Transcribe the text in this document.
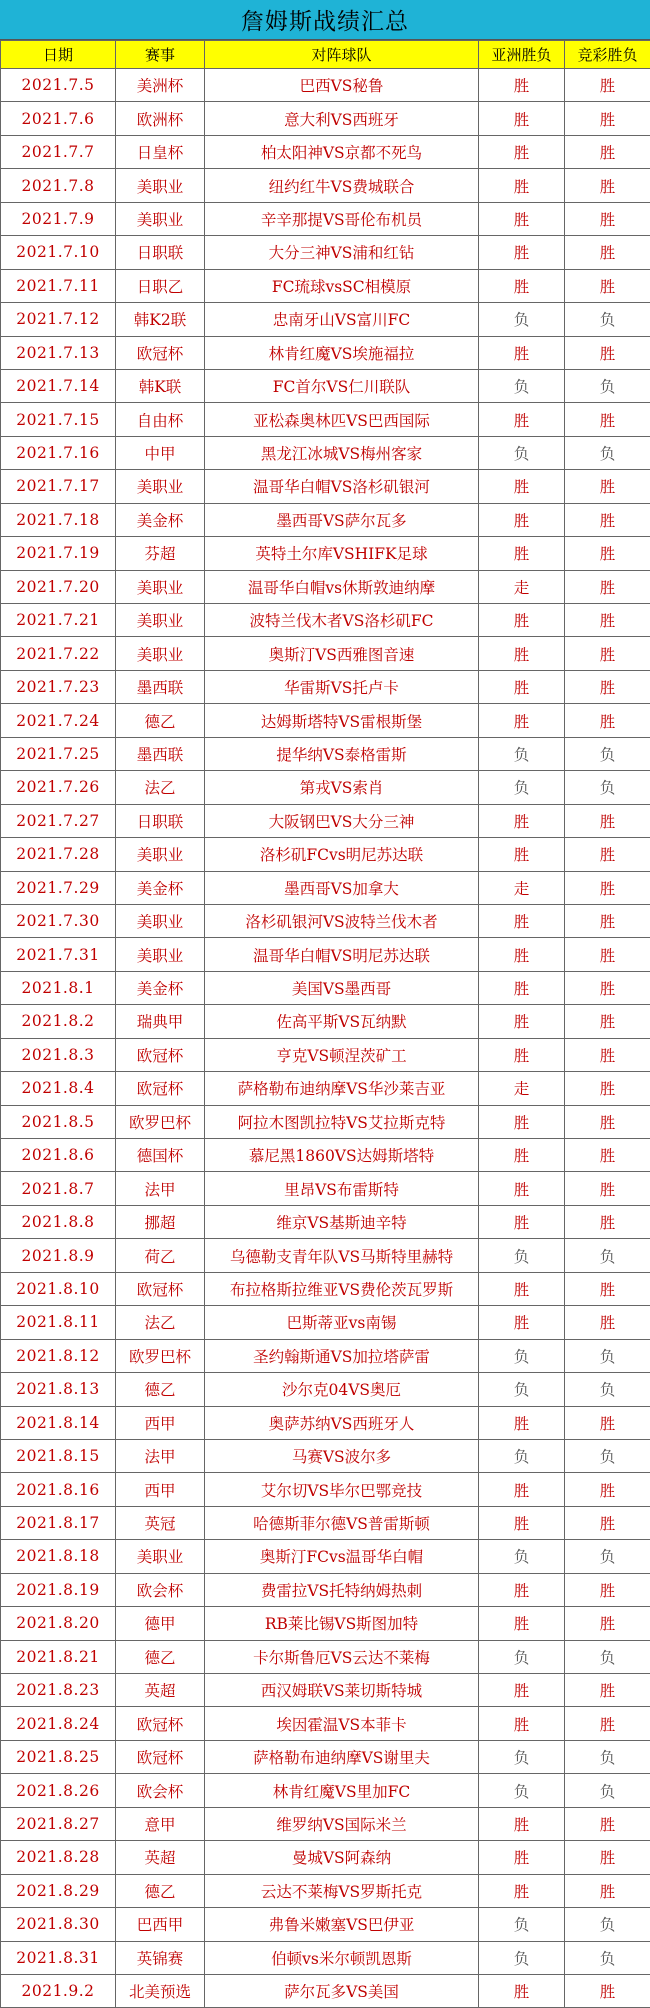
詹姆斯战绩汇总
日期	赛事	对阵球队	亚洲胜负	竞彩胜负
2021.7.5	美洲杯	巴西VS秘鲁	胜	胜
2021.7.6	欧洲杯	意大利VS西班牙	胜	胜
2021.7.7	日皇杯	柏太阳神VS京都不死鸟	胜	胜
2021.7.8	美职业	纽约红牛VS费城联合	胜	胜
2021.7.9	美职业	辛辛那提VS哥伦布机员	胜	胜
2021.7.10	日职联	大分三神VS浦和红钻	胜	胜
2021.7.11	日职乙	FC琉球vsSC相模原	胜	胜
2021.7.12	韩K2联	忠南牙山VS富川FC	负	负
2021.7.13	欧冠杯	林肯红魔VS埃施福拉	胜	胜
2021.7.14	韩K联	FC首尔VS仁川联队	负	负
2021.7.15	自由杯	亚松森奥林匹VS巴西国际	胜	胜
2021.7.16	中甲	黑龙江冰城VS梅州客家	负	负
2021.7.17	美职业	温哥华白帽VS洛杉矶银河	胜	胜
2021.7.18	美金杯	墨西哥VS萨尔瓦多	胜	胜
2021.7.19	芬超	英特土尔库VSHIFK足球	胜	胜
2021.7.20	美职业	温哥华白帽vs休斯敦迪纳摩	走	胜
2021.7.21	美职业	波特兰伐木者VS洛杉矶FC	胜	胜
2021.7.22	美职业	奥斯汀VS西雅图音速	胜	胜
2021.7.23	墨西联	华雷斯VS托卢卡	胜	胜
2021.7.24	德乙	达姆斯塔特VS雷根斯堡	胜	胜
2021.7.25	墨西联	提华纳VS泰格雷斯	负	负
2021.7.26	法乙	第戎VS索肖	负	负
2021.7.27	日职联	大阪钢巴VS大分三神	胜	胜
2021.7.28	美职业	洛杉矶FCvs明尼苏达联	胜	胜
2021.7.29	美金杯	墨西哥VS加拿大	走	胜
2021.7.30	美职业	洛杉矶银河VS波特兰伐木者	胜	胜
2021.7.31	美职业	温哥华白帽VS明尼苏达联	胜	胜
2021.8.1	美金杯	美国VS墨西哥	胜	胜
2021.8.2	瑞典甲	佐高平斯VS瓦纳默	胜	胜
2021.8.3	欧冠杯	亨克VS顿涅茨矿工	胜	胜
2021.8.4	欧冠杯	萨格勒布迪纳摩VS华沙莱吉亚	走	胜
2021.8.5	欧罗巴杯	阿拉木图凯拉特VS艾拉斯克特	胜	胜
2021.8.6	德国杯	慕尼黑1860VS达姆斯塔特	胜	胜
2021.8.7	法甲	里昂VS布雷斯特	胜	胜
2021.8.8	挪超	维京VS基斯迪辛特	胜	胜
2021.8.9	荷乙	乌德勒支青年队VS马斯特里赫特	负	负
2021.8.10	欧冠杯	布拉格斯拉维亚VS费伦茨瓦罗斯	胜	胜
2021.8.11	法乙	巴斯蒂亚vs南锡	胜	胜
2021.8.12	欧罗巴杯	圣约翰斯通VS加拉塔萨雷	负	负
2021.8.13	德乙	沙尔克04VS奥厄	负	负
2021.8.14	西甲	奥萨苏纳VS西班牙人	胜	胜
2021.8.15	法甲	马赛VS波尔多	负	负
2021.8.16	西甲	艾尔切VS毕尔巴鄂竞技	胜	胜
2021.8.17	英冠	哈德斯菲尔德VS普雷斯顿	胜	胜
2021.8.18	美职业	奥斯汀FCvs温哥华白帽	负	负
2021.8.19	欧会杯	费雷拉VS托特纳姆热刺	胜	胜
2021.8.20	德甲	RB莱比锡VS斯图加特	胜	胜
2021.8.21	德乙	卡尔斯鲁厄VS云达不莱梅	负	负
2021.8.23	英超	西汉姆联VS莱切斯特城	胜	胜
2021.8.24	欧冠杯	埃因霍温VS本菲卡	胜	胜
2021.8.25	欧冠杯	萨格勒布迪纳摩VS谢里夫	负	负
2021.8.26	欧会杯	林肯红魔VS里加FC	负	负
2021.8.27	意甲	维罗纳VS国际米兰	胜	胜
2021.8.28	英超	曼城VS阿森纳	胜	胜
2021.8.29	德乙	云达不莱梅VS罗斯托克	胜	胜
2021.8.30	巴西甲	弗鲁米嫩塞VS巴伊亚	负	负
2021.8.31	英锦赛	伯顿vs米尔顿凯恩斯	负	负
2021.9.2	北美预选	萨尔瓦多VS美国	胜	胜
